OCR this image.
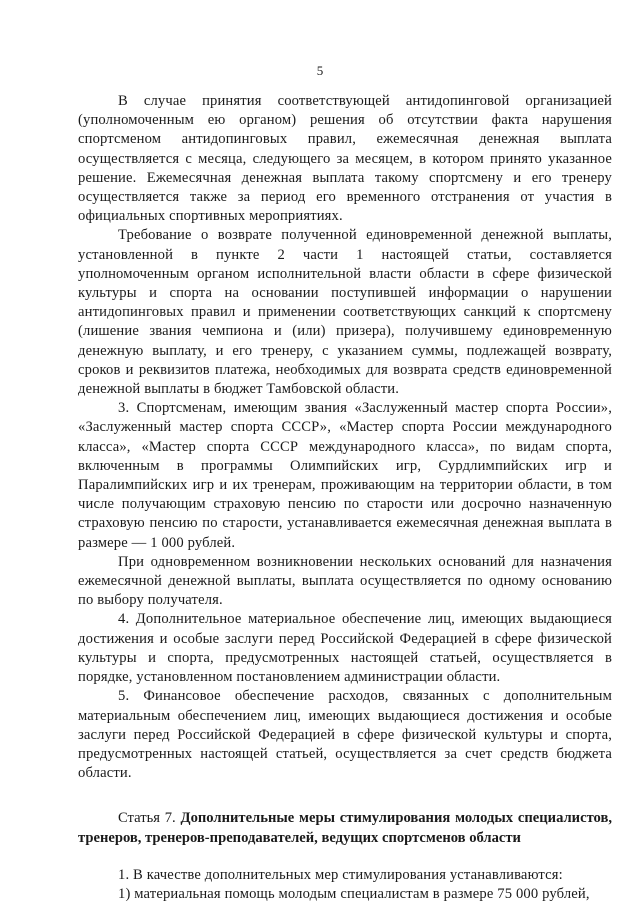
5

В случае принятия соответствующей антидопинговой организацией (уполномоченным ею органом) решения об отсутствии факта нарушения спортсменом антидопинговых правил, ежемесячная денежная выплата осуществляется с месяца, следующего за месяцем, в котором принято указанное решение. Ежемесячная денежная выплата такому спортсмену и его тренеру осуществляется также за период его временного отстранения от участия в официальных спортивных мероприятиях.

Требование о возврате полученной единовременной денежной выплаты, установленной в пункте 2 части 1 настоящей статьи, составляется уполномоченным органом исполнительной власти области в сфере физической культуры и спорта на основании поступившей информации о нарушении антидопинговых правил и применении соответствующих санкций к спортсмену (лишение звания чемпиона и (или) призера), получившему единовременную денежную выплату, и его тренеру, с указанием суммы, подлежащей возврату, сроков и реквизитов платежа, необходимых для возврата средств единовременной денежной выплаты в бюджет Тамбовской области.

3. Спортсменам, имеющим звания «Заслуженный мастер спорта России», «Заслуженный мастер спорта СССР», «Мастер спорта России международного класса», «Мастер спорта СССР международного класса», по видам спорта, включенным в программы Олимпийских игр, Сурдлимпийских игр и Паралимпийских игр и их тренерам, проживающим на территории области, в том числе получающим страховую пенсию по старости или досрочно назначенную страховую пенсию по старости, устанавливается ежемесячная денежная выплата в размере — 1 000 рублей.

При одновременном возникновении нескольких оснований для назначения ежемесячной денежной выплаты, выплата осуществляется по одному основанию по выбору получателя.

4. Дополнительное материальное обеспечение лиц, имеющих выдающиеся достижения и особые заслуги перед Российской Федерацией в сфере физической культуры и спорта, предусмотренных настоящей статьей, осуществляется в порядке, установленном постановлением администрации области.

5. Финансовое обеспечение расходов, связанных с дополнительным материальным обеспечением лиц, имеющих выдающиеся достижения и особые заслуги перед Российской Федерацией в сфере физической культуры и спорта, предусмотренных настоящей статьей, осуществляется за счет средств бюджета области.

Статья 7. Дополнительные меры стимулирования молодых специалистов, тренеров, тренеров-преподавателей, ведущих спортсменов области

1. В качестве дополнительных мер стимулирования устанавливаются:

1) материальная помощь молодым специалистам в размере 75 000 рублей,
